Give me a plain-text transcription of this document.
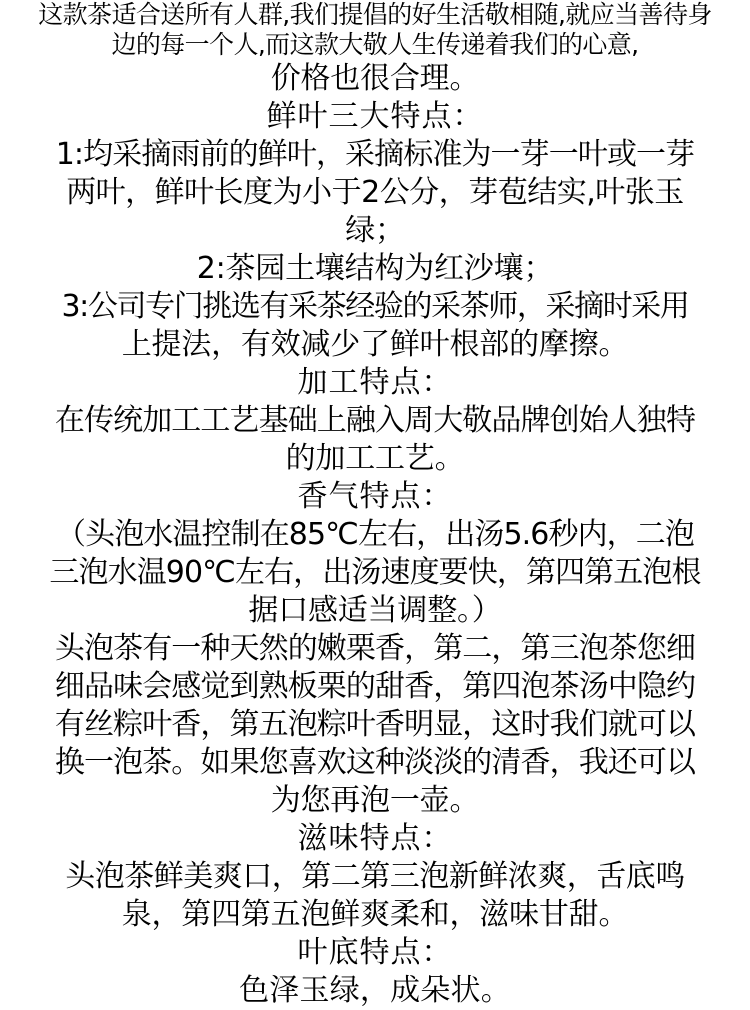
这款茶适合送所有人群,我们提倡的好生活敬相随,就应当善待身
边的每一个人,而这款大敬人生传递着我们的心意,
价格也很合理。
鲜叶三大特点：
1:均采摘雨前的鲜叶，采摘标准为一芽一叶或一芽
两叶，鲜叶长度为小于2公分，芽苞结实,叶张玉
绿；
2:茶园土壤结构为红沙壤；
3:公司专门挑选有采茶经验的采茶师，采摘时采用
上提法，有效减少了鲜叶根部的摩擦。
加工特点：
在传统加工工艺基础上融入周大敬品牌创始人独特
的加工工艺。
香气特点：
（头泡水温控制在85℃左右，出汤5.6秒内，二泡
三泡水温90℃左右，出汤速度要快，第四第五泡根
据口感适当调整。）
头泡茶有一种天然的嫩栗香，第二，第三泡茶您细
细品味会感觉到熟板栗的甜香，第四泡茶汤中隐约
有丝粽叶香，第五泡粽叶香明显，这时我们就可以
换一泡茶。如果您喜欢这种淡淡的清香，我还可以
为您再泡一壶。
滋味特点：
头泡茶鲜美爽口，第二第三泡新鲜浓爽，舌底鸣
泉，第四第五泡鲜爽柔和，滋味甘甜。
叶底特点：
色泽玉绿，成朵状。
